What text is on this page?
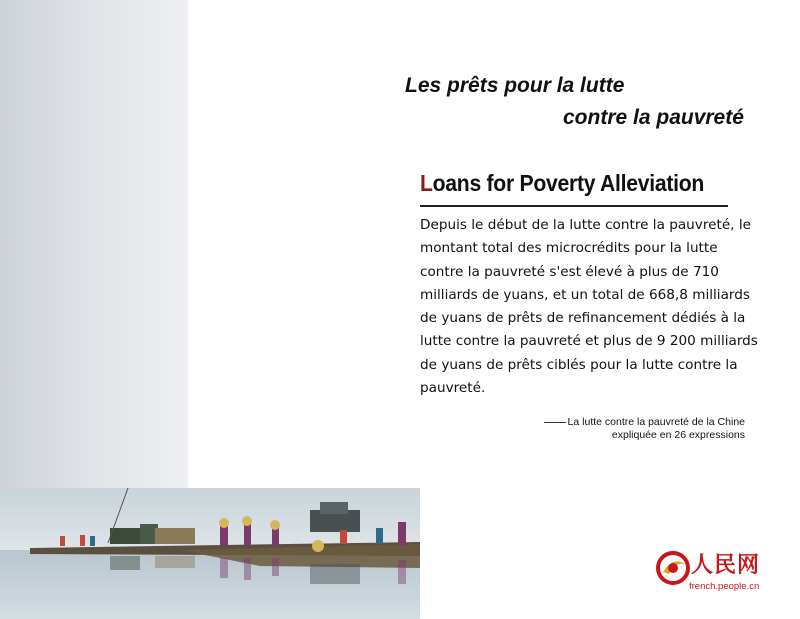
Les prêts pour la lutte
contre la pauvreté
Loans for Poverty Alleviation
Depuis le début de la lutte contre la pauvreté, le montant total des microcrédits pour la lutte contre la pauvreté s'est élevé à plus de 710 milliards de yuans, et un total de 668,8 milliards de yuans de prêts de refinancement dédiés à la lutte contre la pauvreté et plus de 9 200 milliards de yuans de prêts ciblés pour la lutte contre la pauvreté.
La lutte contre la pauvreté de la Chine
expliquée en 26 expressions
人民网
french.people.cn
